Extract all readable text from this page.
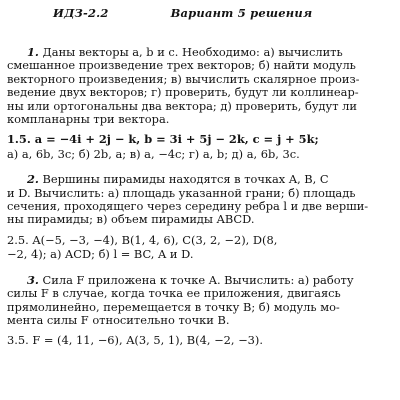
ИДЗ-2.2	Вариант 5 решения
1. Даны векторы a, b и c. Необходимо: а) вычислить
смешанное произведение трех векторов; б) найти модуль
векторного произведения; в) вычислить скалярное произ-
ведение двух векторов; г) проверить, будут ли коллинеар-
ны или ортогональны два вектора; д) проверить, будут ли
компланарны три вектора.
1.5. a = −4i + 2j − k, b = 3i + 5j − 2k, c = j + 5k;
а) a, 6b, 3c; б) 2b, a; в) a, −4c; г) a, b; д) a, 6b, 3c.
2. Вершины пирамиды находятся в точках A, B, C
и D. Вычислить: а) площадь указанной грани; б) площадь
сечения, проходящего через середину ребра l и две верши-
ны пирамиды; в) объем пирамиды ABCD.
2.5. A(−5, −3, −4), B(1, 4, 6), C(3, 2, −2), D(8,
−2, 4); а) ACD; б) l = BC, A и D.
3. Сила F приложена к точке A. Вычислить: а) работу
силы F в случае, когда точка ее приложения, двигаясь
прямолинейно, перемещается в точку B; б) модуль мо-
мента силы F относительно точки B.
3.5. F = (4, 11, −6), A(3, 5, 1), B(4, −2, −3).
